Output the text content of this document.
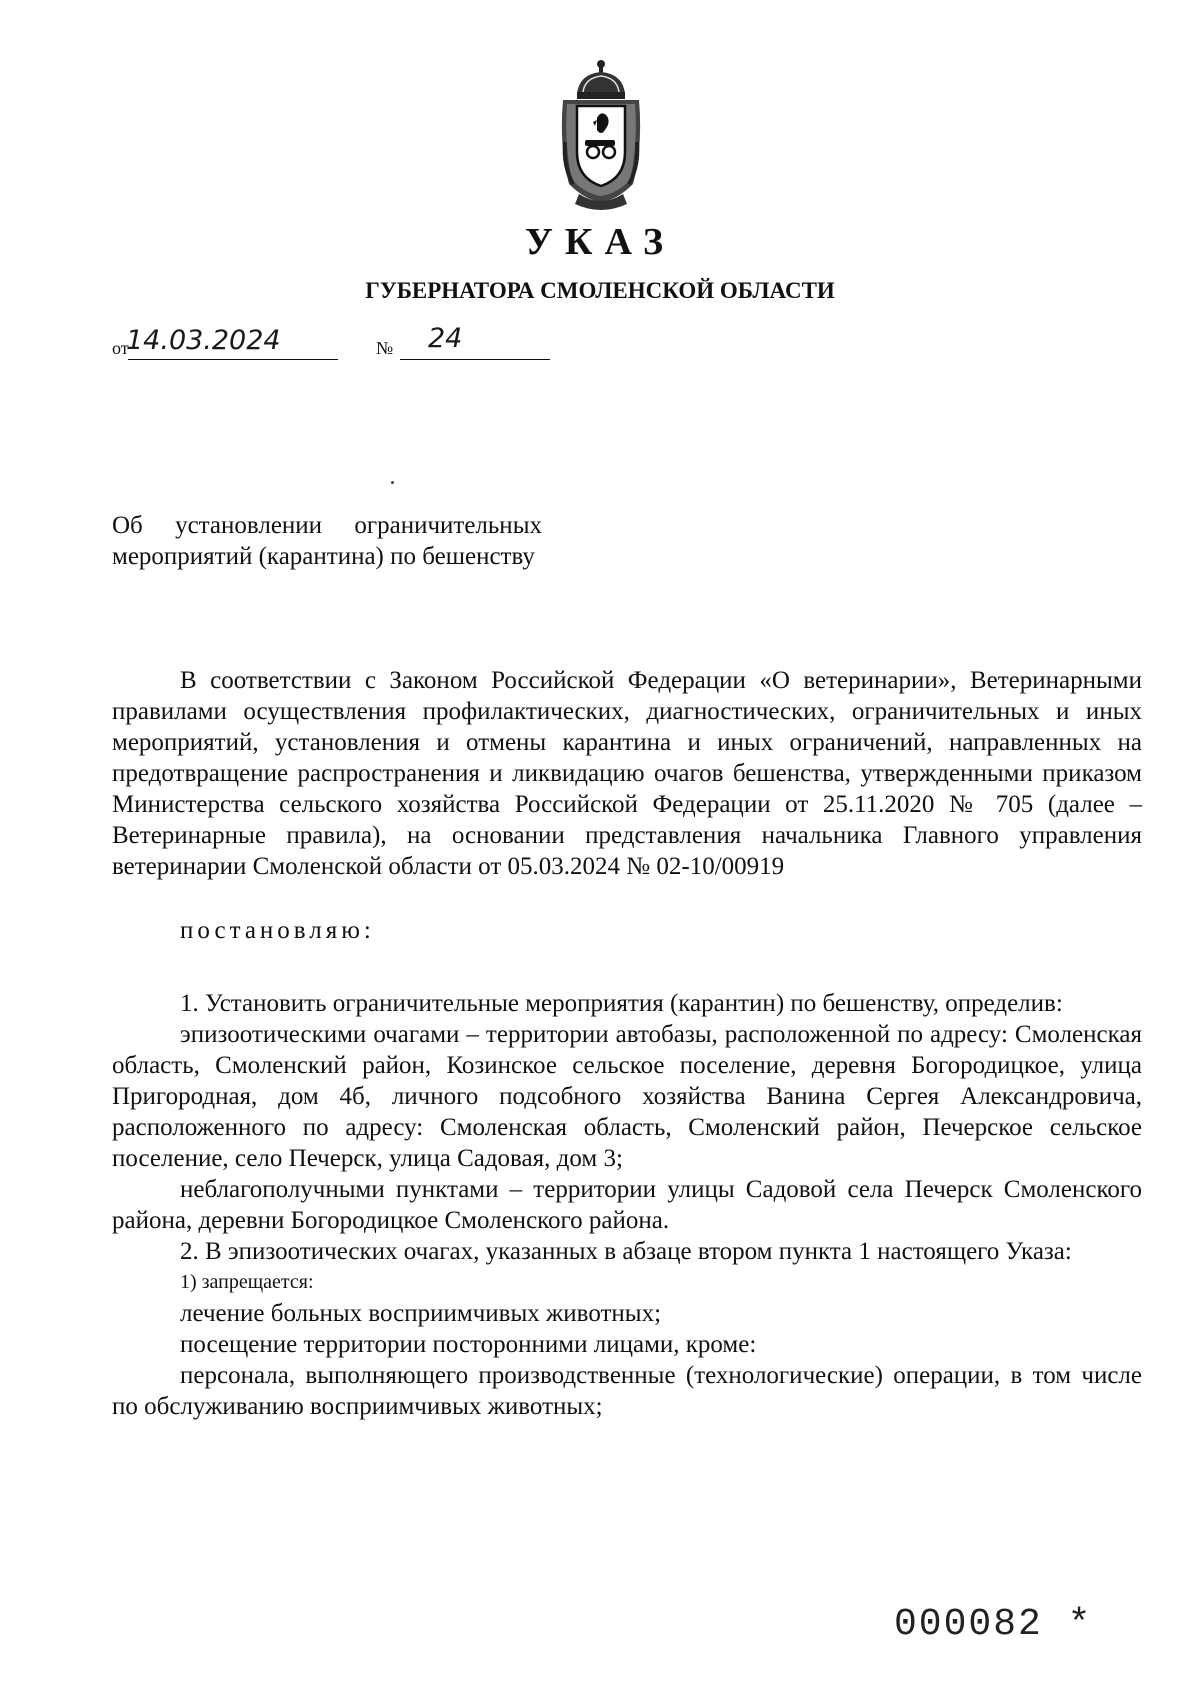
УКАЗ
ГУБЕРНАТОРА СМОЛЕНСКОЙ ОБЛАСТИ
от
14.03.2024	№ 24
Об установлении ограничительных мероприятий (карантина) по бешенству

В соответствии с Законом Российской Федерации «О ветеринарии», Ветеринарными правилами осуществления профилактических, диагностических, ограничительных и иных мероприятий, установления и отмены карантина и иных ограничений, направленных на предотвращение распространения и ликвидацию очагов бешенства, утвержденными приказом Министерства сельского хозяйства Российской Федерации от 25.11.2020 № 705 (далее – Ветеринарные правила), на основании представления начальника Главного управления ветеринарии Смоленской области от 05.03.2024 № 02-10/00919

постановляю:

1. Установить ограничительные мероприятия (карантин) по бешенству, определив:

эпизоотическими очагами – территории автобазы, расположенной по адресу: Смоленская область, Смоленский район, Козинское сельское поселение, деревня Богородицкое, улица Пригородная, дом 4б, личного подсобного хозяйства Ванина Сергея Александровича, расположенного по адресу: Смоленская область, Смоленский район, Печерское сельское поселение, село Печерск, улица Садовая, дом 3;

неблагополучными пунктами – территории улицы Садовой села Печерск Смоленского района, деревни Богородицкое Смоленского района.

2. В эпизоотических очагах, указанных в абзаце втором пункта 1 настоящего Указа:

1) запрещается:

лечение больных восприимчивых животных;

посещение территории посторонними лицами, кроме:

персонала, выполняющего производственные (технологические) операции, в том числе по обслуживанию восприимчивых животных;

000082 *
